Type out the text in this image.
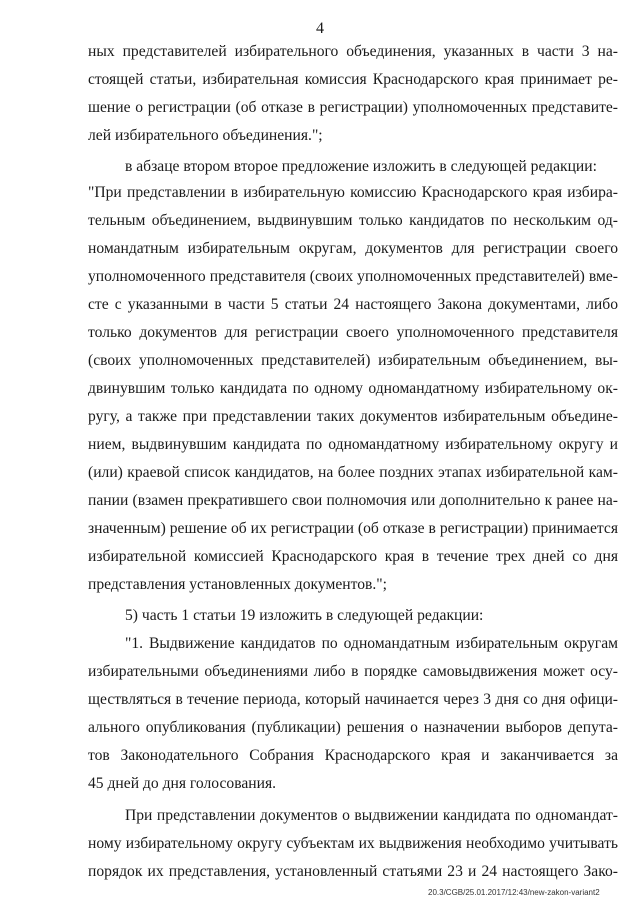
4
ных представителей избирательного объединения, указанных в части 3 на-
стоящей статьи, избирательная комиссия Краснодарского края принимает ре-
шение о регистрации (об отказе в регистрации) уполномоченных представите-
лей избирательного объединения.";
в абзаце втором второе предложение изложить в следующей редакции:
"При представлении в избирательную комиссию Краснодарского края избира-
тельным объединением, выдвинувшим только кандидатов по нескольким од-
номандатным избирательным округам, документов для регистрации своего
уполномоченного представителя (своих уполномоченных представителей) вме-
сте с указанными в части 5 статьи 24 настоящего Закона документами, либо
только документов для регистрации своего уполномоченного представителя
(своих уполномоченных представителей) избирательным объединением, вы-
двинувшим только кандидата по одному одномандатному избирательному ок-
ругу, а также при представлении таких документов избирательным объедине-
нием, выдвинувшим кандидата по одномандатному избирательному округу и
(или) краевой список кандидатов, на более поздних этапах избирательной кам-
пании (взамен прекратившего свои полномочия или дополнительно к ранее на-
значенным) решение об их регистрации (об отказе в регистрации) принимается
избирательной комиссией Краснодарского края в течение трех дней со дня
представления установленных документов.";
5) часть 1 статьи 19 изложить в следующей редакции:
"1. Выдвижение кандидатов по одномандатным избирательным округам
избирательными объединениями либо в порядке самовыдвижения может осу-
ществляться в течение периода, который начинается через 3 дня со дня офици-
ального опубликования (публикации) решения о назначении выборов депута-
тов Законодательного Собрания Краснодарского края и заканчивается за
45 дней до дня голосования.
При представлении документов о выдвижении кандидата по одномандат-
ному избирательному округу субъектам их выдвижения необходимо учитывать
порядок их представления, установленный статьями 23 и 24 настоящего Зако-
20.3/CGB/25.01.2017/12:43/new-zakon-variant2
